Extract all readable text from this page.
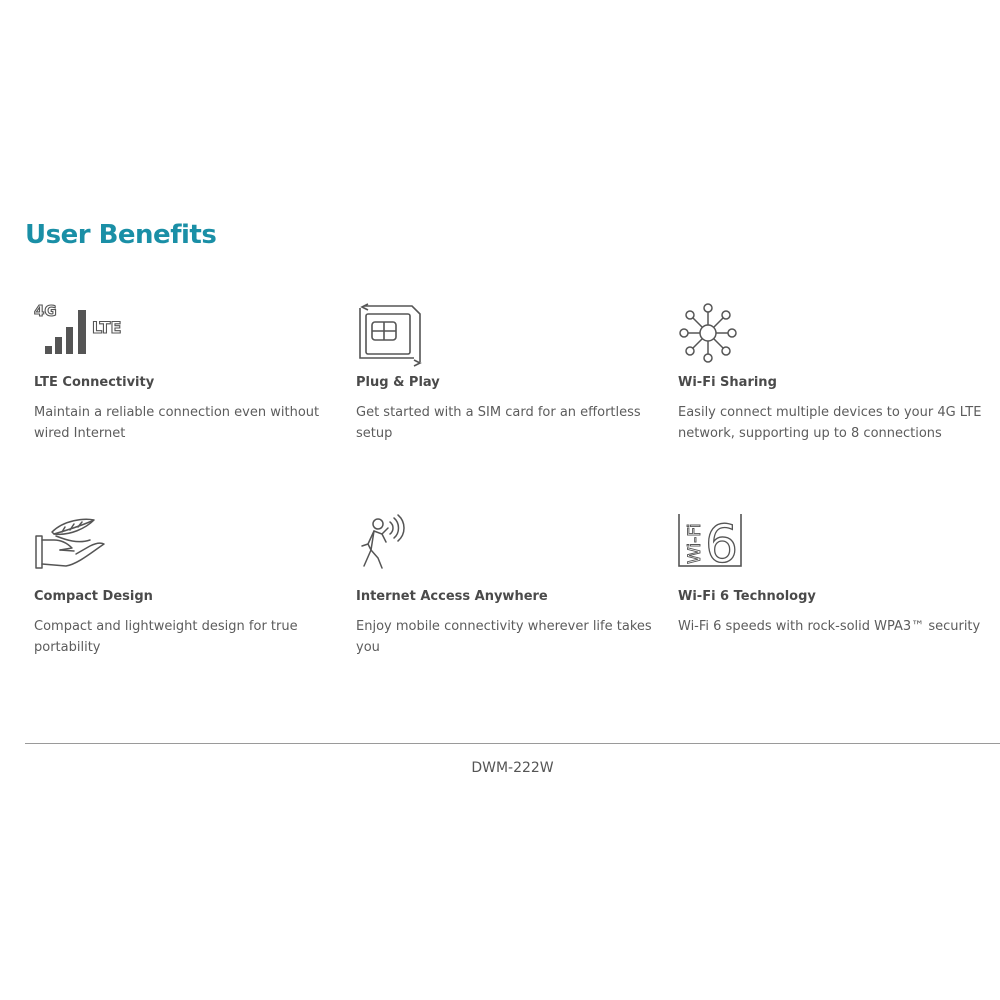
User Benefits
4G
LTE
LTE Connectivity

Maintain a reliable connection even without wired Internet

Plug & Play

Get started with a SIM card for an effortless setup

Wi-Fi Sharing

Easily connect multiple devices to your 4G LTE network, supporting up to 8 connections

Compact Design

Compact and lightweight design for true portability

Internet Access Anywhere

Enjoy mobile connectivity wherever life takes you

Wi-Fi 6
Wi-Fi 6 Technology

Wi-Fi 6 speeds with rock-solid WPA3™ security

DWM-222W
